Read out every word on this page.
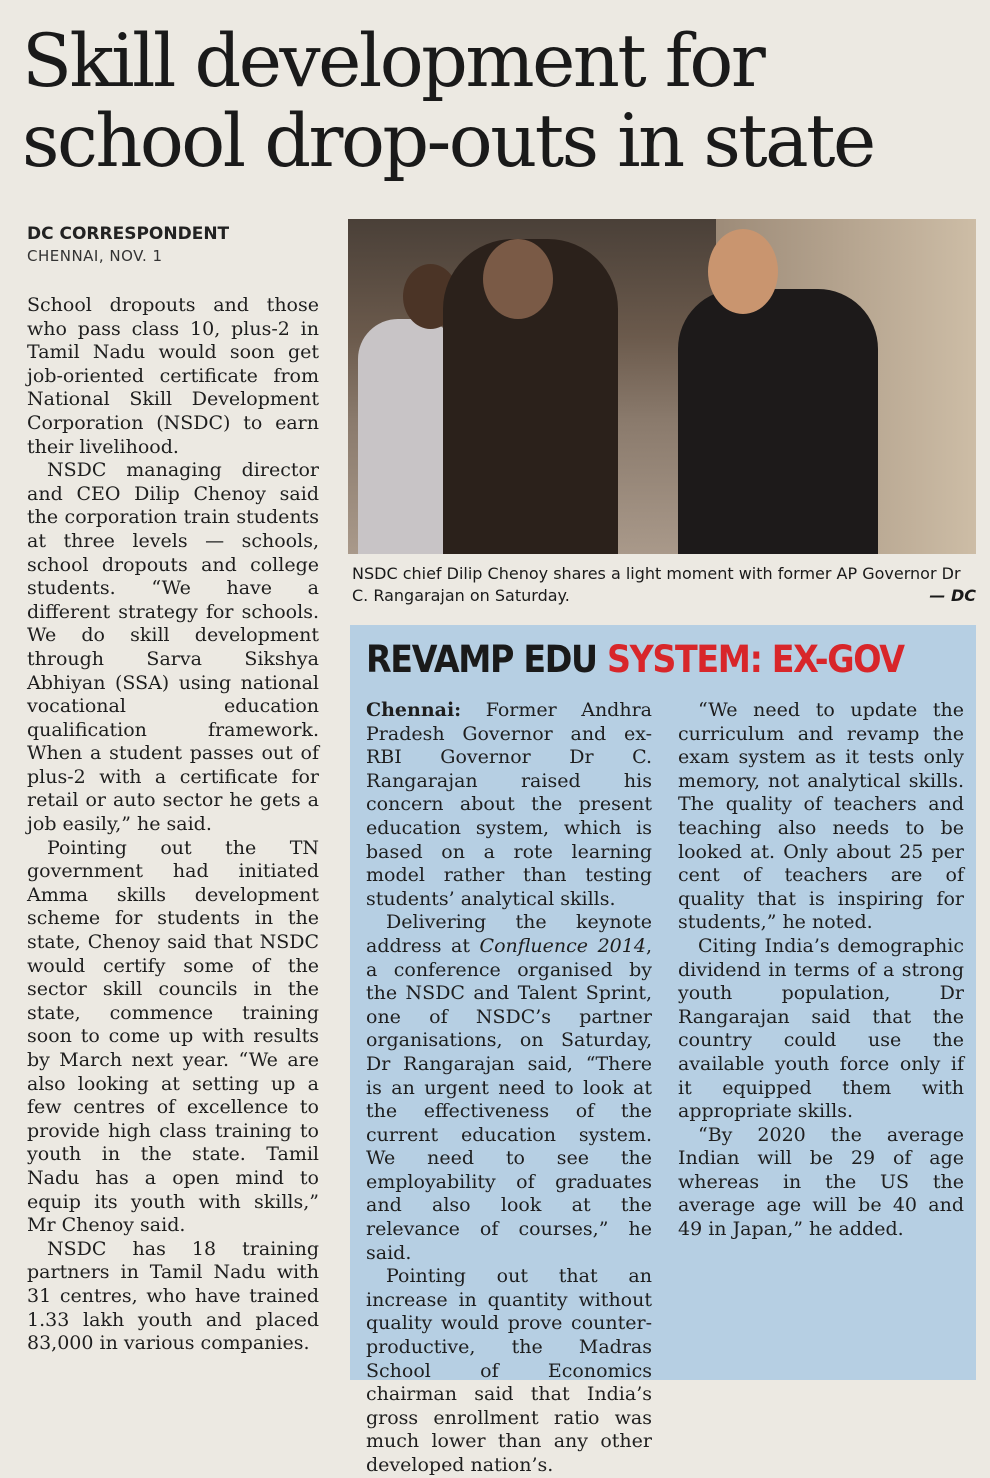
Skill development for
school drop-outs in state
DC CORRESPONDENT
CHENNAI, NOV. 1

School dropouts and those who pass class 10, plus-2 in Tamil Nadu would soon get job-oriented certificate from National Skill Development Corporation (NSDC) to earn their livelihood.

NSDC managing director and CEO Dilip Chenoy said the corporation train students at three levels — schools, school dropouts and college students. “We have a different strategy for schools. We do skill development through Sarva Sikshya Abhiyan (SSA) using national vocational education qualification framework. When a student passes out of plus-2 with a certificate for retail or auto sector he gets a job easily,” he said.

Pointing out the TN government had initiated Amma skills development scheme for students in the state, Chenoy said that NSDC would certify some of the sector skill councils in the state, commence training soon to come up with results by March next year. “We are also looking at setting up a few centres of excellence to provide high class training to youth in the state. Tamil Nadu has a open mind to equip its youth with skills,” Mr Chenoy said.

NSDC has 18 training partners in Tamil Nadu with 31 centres, who have trained 1.33 lakh youth and placed 83,000 in various companies.

NSDC chief Dilip Chenoy shares a light moment with former AP Governor Dr C. Rangarajan on Saturday.	— DC
REVAMP EDU SYSTEM: EX-GOV

Chennai: Former Andhra Pradesh Governor and ex-RBI Governor Dr C. Rangarajan raised his concern about the present education system, which is based on a rote learning model rather than testing students’ analytical skills.

Delivering the keynote address at Confluence 2014, a conference organised by the NSDC and Talent Sprint, one of NSDC’s partner organisations, on Saturday, Dr Rangarajan said, “There is an urgent need to look at the effectiveness of the current education system. We need to see the employability of graduates and also look at the relevance of courses,” he said.

Pointing out that an increase in quantity without quality would prove counter-productive, the Madras School of Economics chairman said that India’s gross enrollment ratio was much lower than any other developed nation’s.

“We need to update the curriculum and revamp the exam system as it tests only memory, not analytical skills. The quality of teachers and teaching also needs to be looked at. Only about 25 per cent of teachers are of quality that is inspiring for students,” he noted.

Citing India’s demographic dividend in terms of a strong youth population, Dr Rangarajan said that the country could use the available youth force only if it equipped them with appropriate skills.

“By 2020 the average Indian will be 29 of age whereas in the US the average age will be 40 and 49 in Japan,” he added.
